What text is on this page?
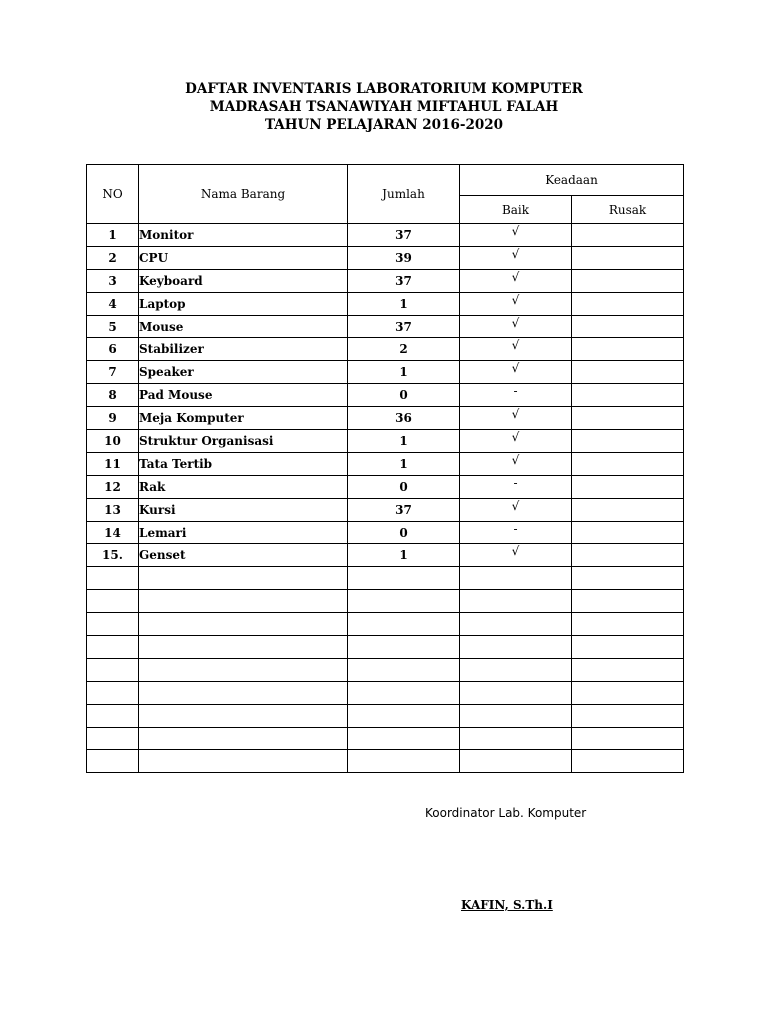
DAFTAR INVENTARIS LABORATORIUM KOMPUTER
MADRASAH TSANAWIYAH MIFTAHUL FALAH
TAHUN PELAJARAN 2016-2020
NO	Nama Barang	Jumlah	Keadaan	
			Baik	Rusak
1	Monitor	37	√	
2	CPU	39	√	
3	Keyboard	37	√	
4	Laptop	1	√	
5	Mouse	37	√	
6	Stabilizer	2	√	
7	Speaker	1	√	
8	Pad Mouse	0	-	
9	Meja Komputer	36	√	
10	Struktur Organisasi	1	√	
11	Tata Tertib	1	√	
12	Rak	0	-	
13	Kursi	37	√	
14	Lemari	0	-	
15.	Genset	1	√	

Koordinator Lab. Komputer
KAFIN, S.Th.I
